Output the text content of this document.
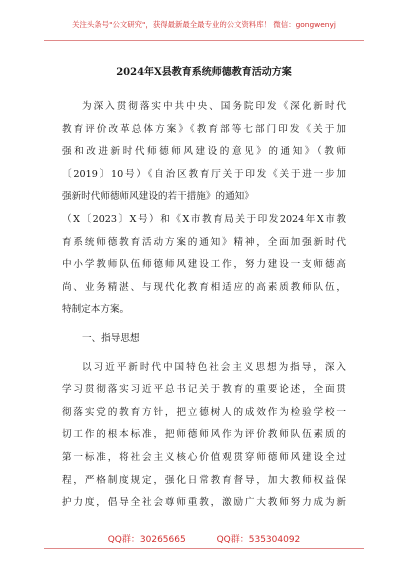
关注头条号"公文研究"，获得最新最全最专业的公文资料库！ 微信：gongwenyj
2024年X县教育系统师德教育活动方案
为深入贯彻落实中共中央、国务院印发《深化新时代
教育评价改革总体方案》《教育部等七部门印发《关于加
强和改进新时代师德师风建设的意见》的通知》（教师
〔2019〕10号）《自治区教育厅关于印发《关于进一步加
强新时代师德师风建设的若干措施》的通知》
（X〔2023〕X号）和《X市教育局关于印发2024年X市教
育系统师德教育活动方案的通知》精神，全面加强新时代
中小学教师队伍师德师风建设工作，努力建设一支师德高
尚、业务精湛、与现代化教育相适应的高素质教师队伍，
特制定本方案。
一、指导思想
以习近平新时代中国特色社会主义思想为指导，深入
学习贯彻落实习近平总书记关于教育的重要论述，全面贯
彻落实党的教育方针，把立德树人的成效作为检验学校一
切工作的根本标准，把师德师风作为评价教师队伍素质的
第一标准，将社会主义核心价值观贯穿师德师风建设全过
程，严格制度规定，强化日常教育督导，加大教师权益保
护力度，倡导全社会尊师重教，激励广大教师努力成为新
QQ群：30265665	QQ群：535304092
